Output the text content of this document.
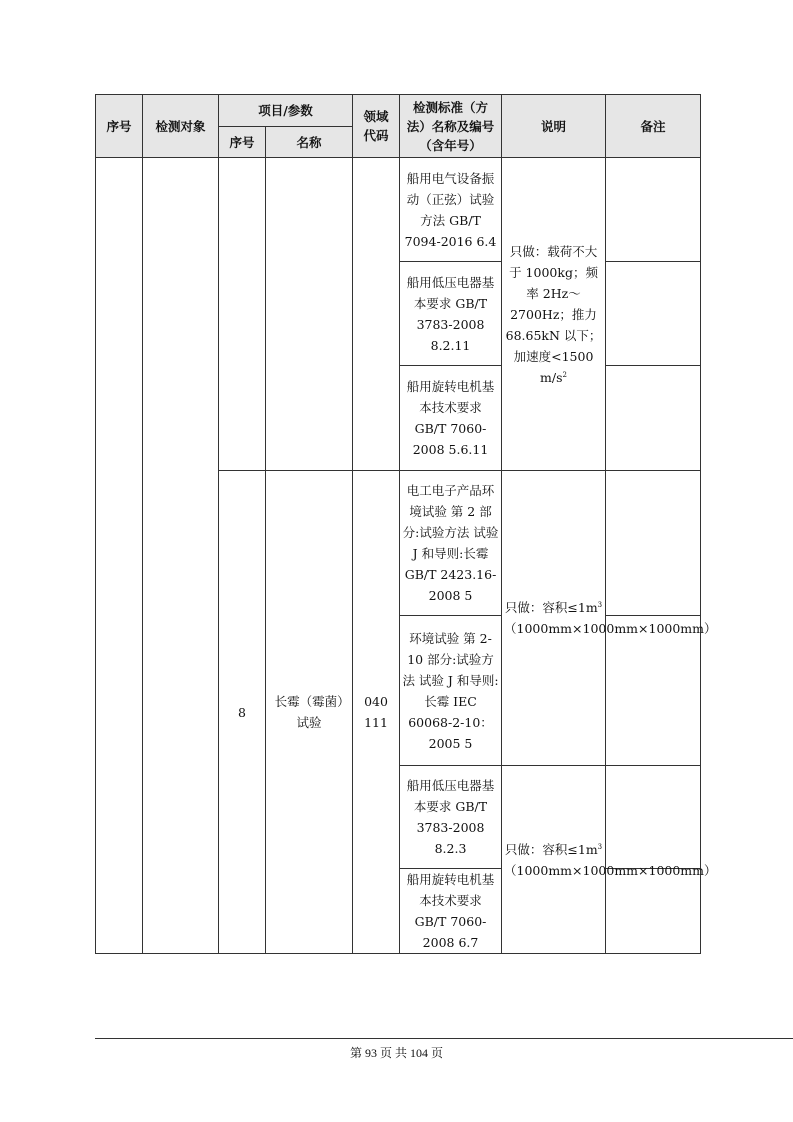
序号	检测对象	项目/参数		领域代码	检测标准（方法）名称及编号（含年号）	说明	备注
		序号	名称				
					船用电气设备振动（正弦）试验方法 GB/T 7094-2016 6.4	只做：载荷不大于 1000kg；频率 2Hz～2700Hz；推力 68.65kN 以下；加速度<1500 $m/s^2$	
					船用低压电器基本要求 GB/T 3783-2008 8.2.11		
					船用旋转电机基本技术要求 GB/T 7060-2008 5.6.11		
		8	长霉（霉菌）试验	040111	电工电子产品环境试验 第 2 部分:试验方法 试验 J 和导则:长霉 GB/T 2423.16-2008 5	只做：容积$\le 1m^3(1000mm\times 1000mm\times 1000mm)$	
					环境试验 第 2-10 部分:试验方法 试验 J 和导则:长霉 IEC 60068-2-10：2005 5		
					船用低压电器基本要求 GB/T 3783-2008 8.2.3	只做：容积$\le 1m^3(1000mm\times 1000mm\times 1000mm)$	
					船用旋转电机基本技术要求 GB/T 7060-2008 6.7		
第 93 页 共 104 页
